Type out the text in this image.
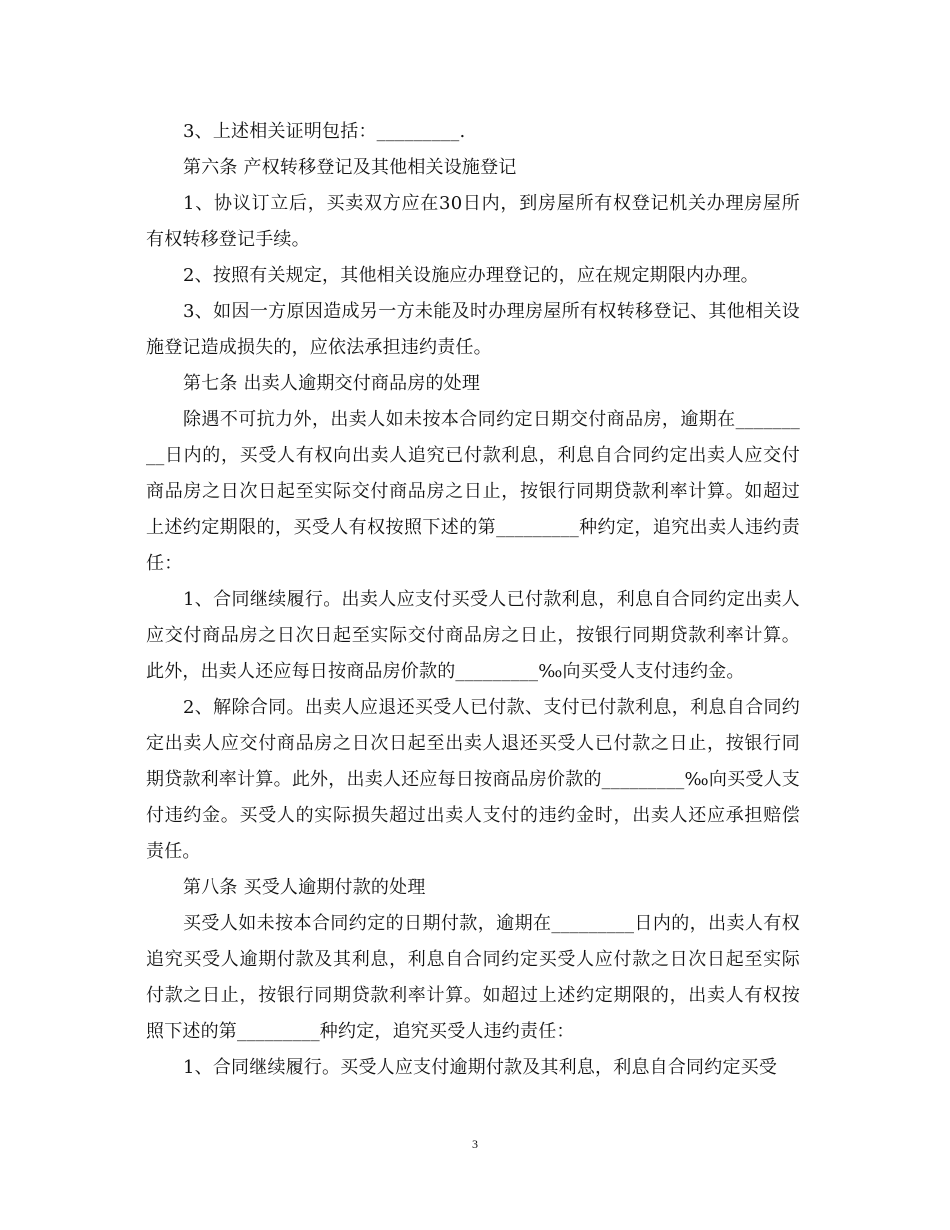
3、上述相关证明包括：_________.

第六条 产权转移登记及其他相关设施登记

1、协议订立后，买卖双方应在30日内，到房屋所有权登记机关办理房屋所有权转移登记手续。

2、按照有关规定，其他相关设施应办理登记的，应在规定期限内办理。

3、如因一方原因造成另一方未能及时办理房屋所有权转移登记、其他相关设施登记造成损失的，应依法承担违约责任。

第七条 出卖人逾期交付商品房的处理

除遇不可抗力外，出卖人如未按本合同约定日期交付商品房，逾期在_________日内的，买受人有权向出卖人追究已付款利息，利息自合同约定出卖人应交付商品房之日次日起至实际交付商品房之日止，按银行同期贷款利率计算。如超过上述约定期限的，买受人有权按照下述的第_________种约定，追究出卖人违约责任：

1、合同继续履行。出卖人应支付买受人已付款利息，利息自合同约定出卖人应交付商品房之日次日起至实际交付商品房之日止，按银行同期贷款利率计算。此外，出卖人还应每日按商品房价款的_________‰向买受人支付违约金。

2、解除合同。出卖人应退还买受人已付款、支付已付款利息，利息自合同约定出卖人应交付商品房之日次日起至出卖人退还买受人已付款之日止，按银行同期贷款利率计算。此外，出卖人还应每日按商品房价款的_________‰向买受人支付违约金。买受人的实际损失超过出卖人支付的违约金时，出卖人还应承担赔偿责任。

第八条 买受人逾期付款的处理

买受人如未按本合同约定的日期付款，逾期在_________日内的，出卖人有权追究买受人逾期付款及其利息，利息自合同约定买受人应付款之日次日起至实际付款之日止，按银行同期贷款利率计算。如超过上述约定期限的，出卖人有权按照下述的第_________种约定，追究买受人违约责任：

1、合同继续履行。买受人应支付逾期付款及其利息，利息自合同约定买受

3
